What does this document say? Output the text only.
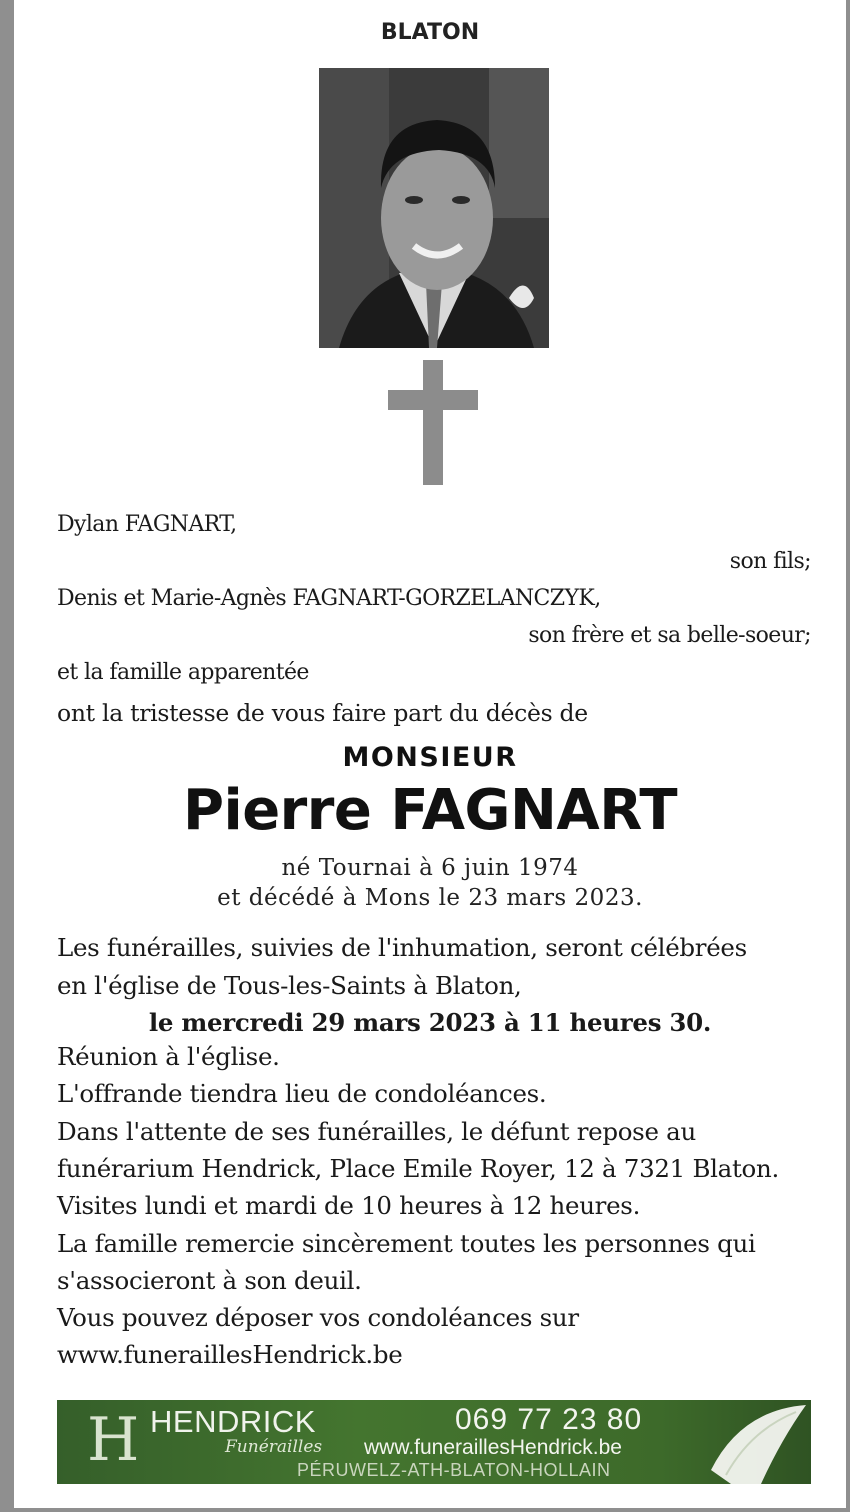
BLATON
Dylan FAGNART,
son fils;
Denis et Marie-Agnès FAGNART-GORZELANCZYK,
son frère et sa belle-soeur;
et la famille apparentée
ont la tristesse de vous faire part du décès de
MONSIEUR
Pierre FAGNART
né Tournai à 6 juin 1974
et décédé à Mons le 23 mars 2023.
Les funérailles, suivies de l'inhumation, seront célébrées
en l'église de Tous-les-Saints à Blaton,
le mercredi 29 mars 2023 à 11 heures 30.
Réunion à l'église.
L'offrande tiendra lieu de condoléances.
Dans l'attente de ses funérailles, le défunt repose au
funérarium Hendrick, Place Emile Royer, 12 à 7321 Blaton.
Visites lundi et mardi de 10 heures à 12 heures.
La famille remercie sincèrement toutes les personnes qui
s'associeront à son deuil.
Vous pouvez déposer vos condoléances sur
www.funeraillesHendrick.be
H HENDRICK
Funérailles
069 77 23 80
www.funeraillesHendrick.be
PÉRUWELZ-ATH-BLATON-HOLLAIN
